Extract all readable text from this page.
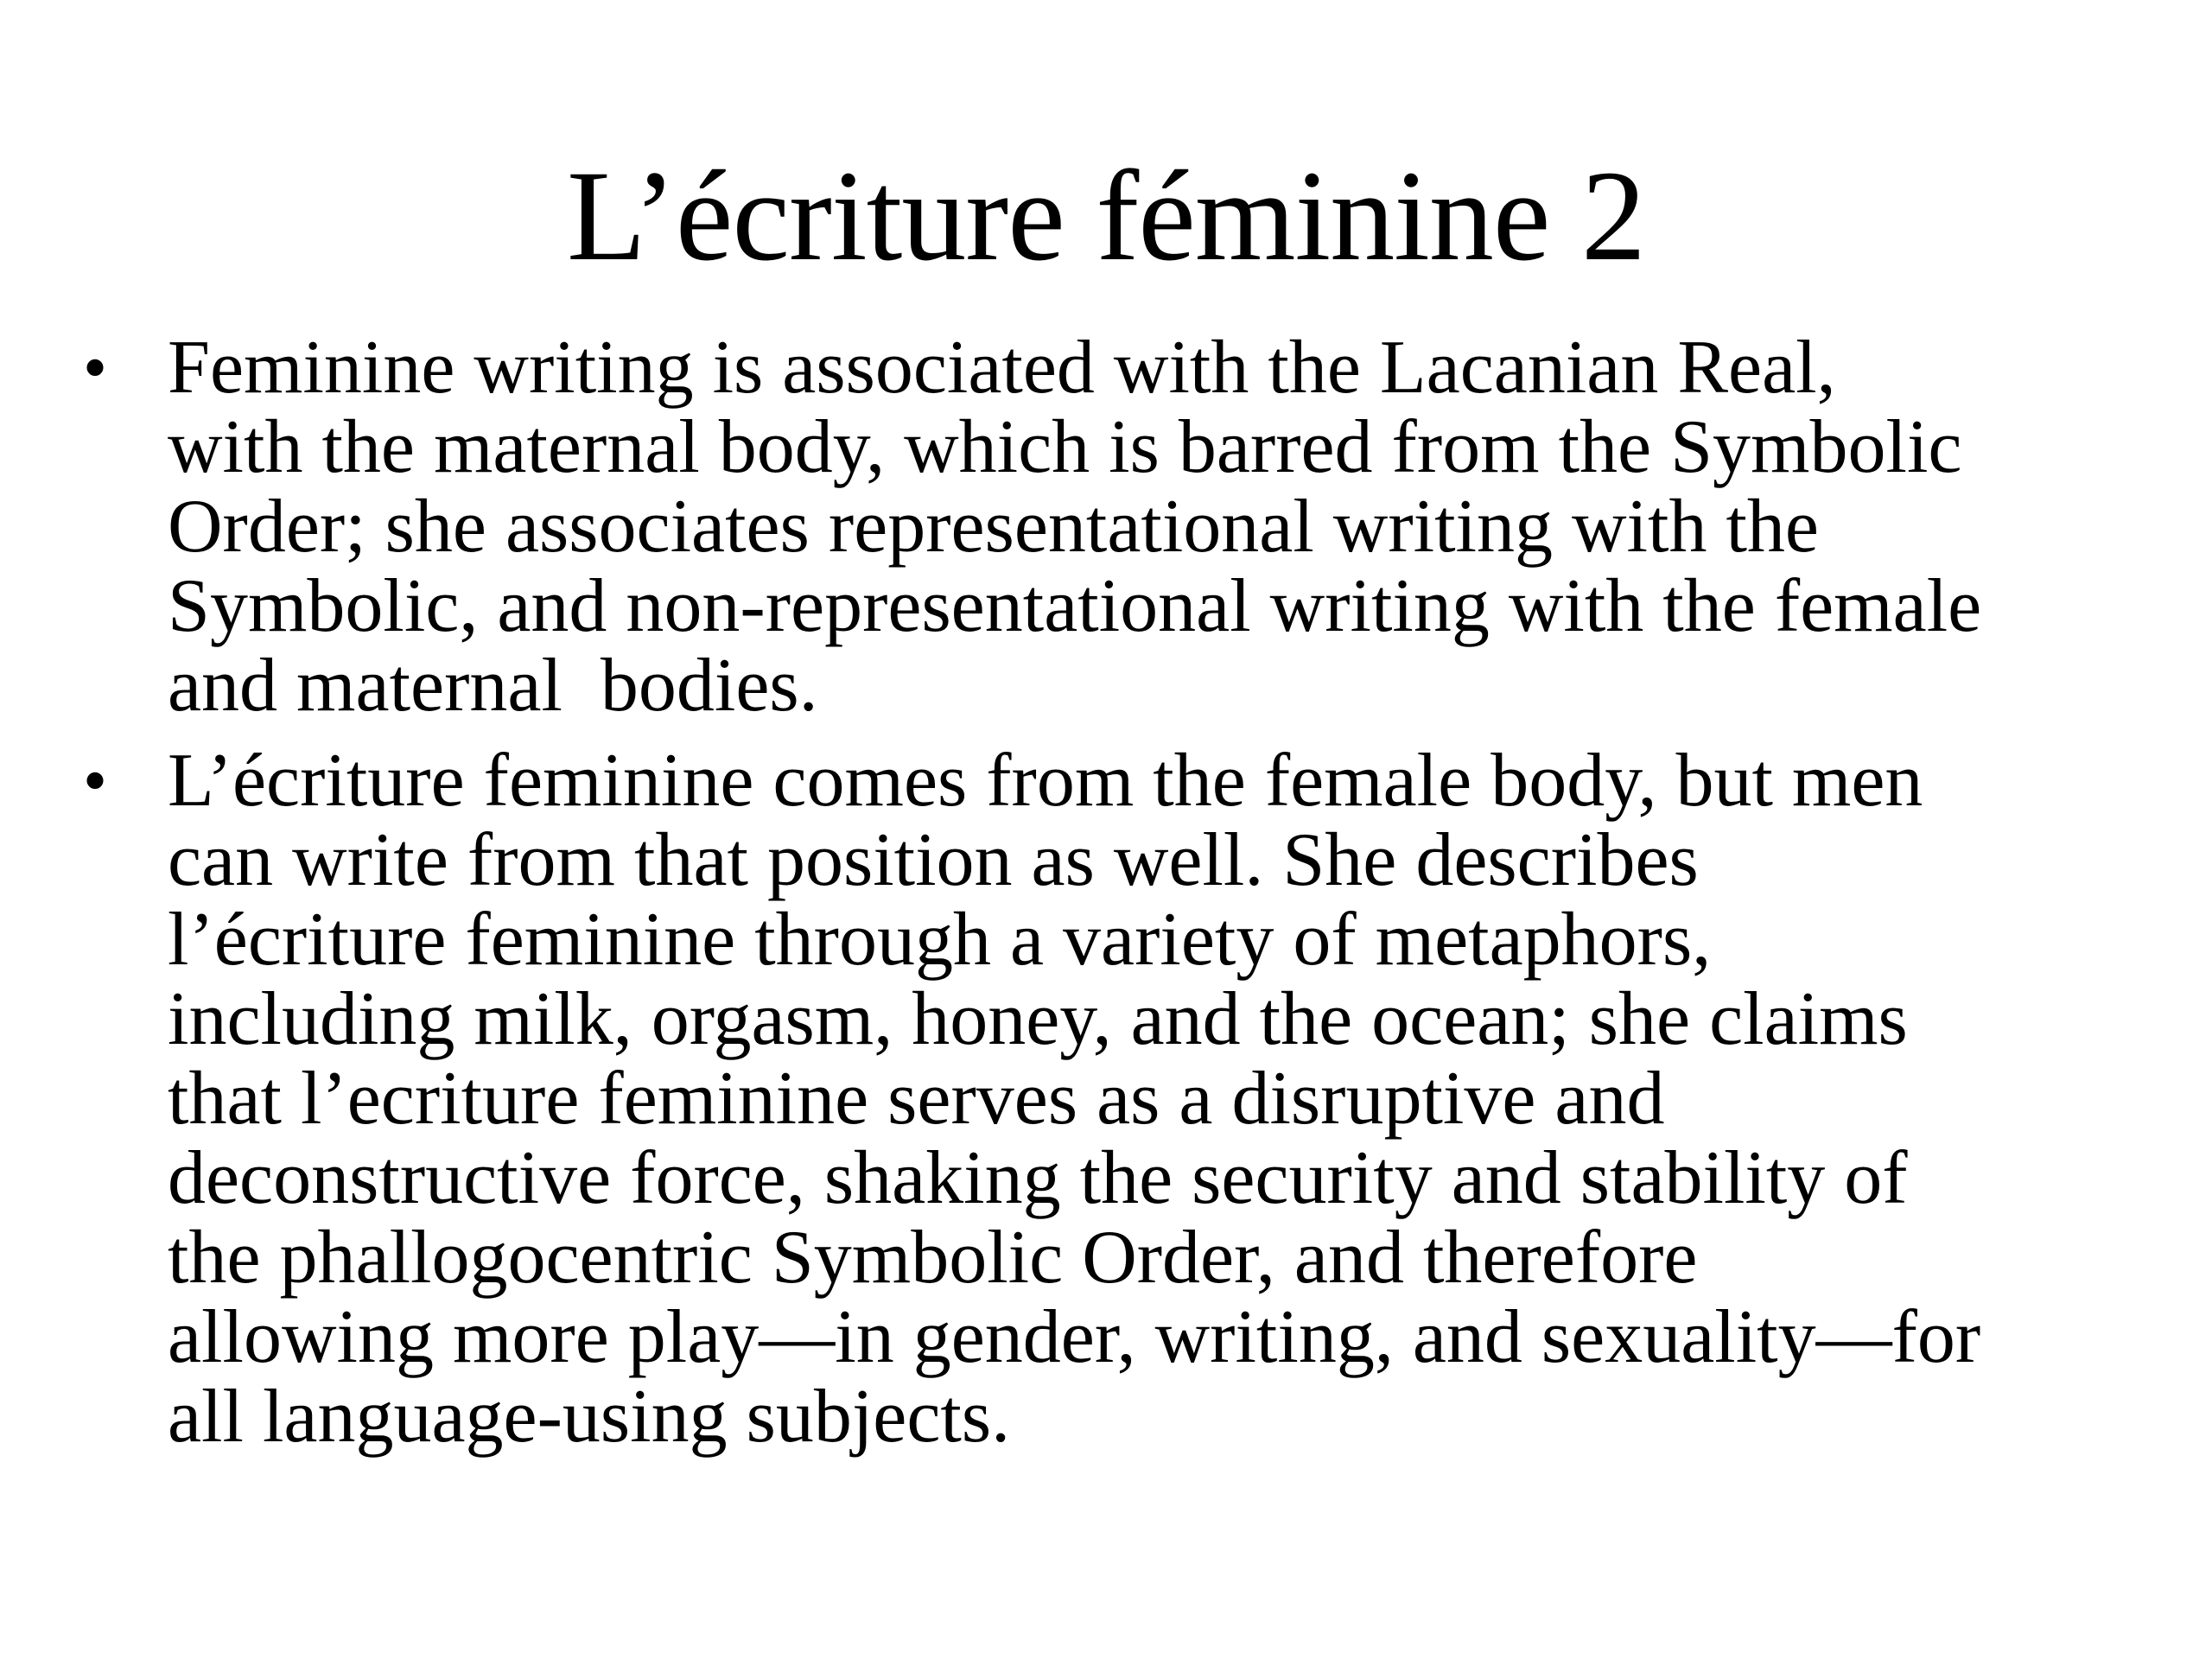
L’écriture féminine 2
• Feminine writing is associated with the Lacanian Real,
with the maternal body, which is barred from the Symbolic
Order; she associates representational writing with the
Symbolic, and non-representational writing with the female
and maternal  bodies.
• L’écriture feminine comes from the female body, but men
can write from that position as well. She describes
l’écriture feminine through a variety of metaphors,
including milk, orgasm, honey, and the ocean; she claims
that l’ecriture feminine serves as a disruptive and
deconstructive force, shaking the security and stability of
the phallogocentric Symbolic Order, and therefore
allowing more play—in gender, writing, and sexuality—for
all language-using subjects.
